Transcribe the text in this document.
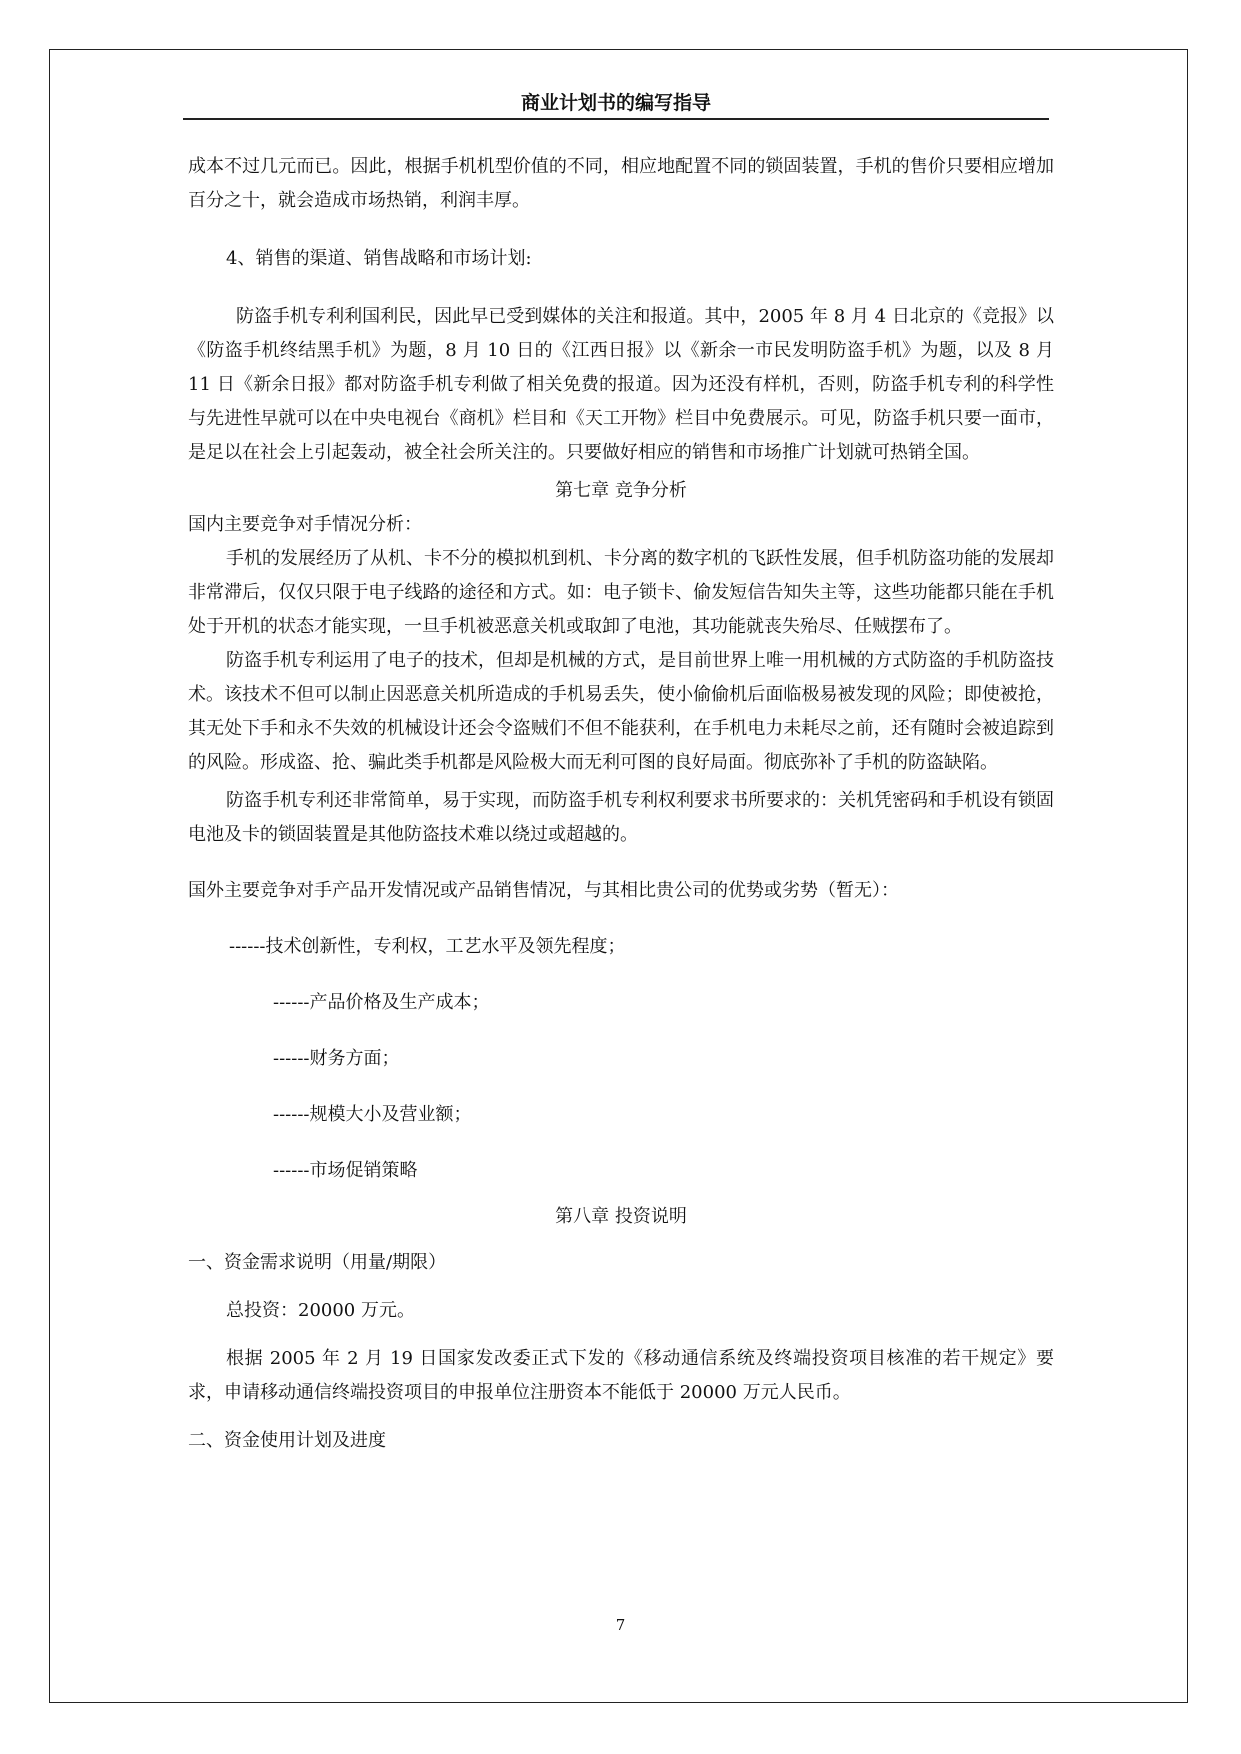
商业计划书的编写指导

成本不过几元而已。因此，根据手机机型价值的不同，相应地配置不同的锁固装置，手机的售价只要相应增加百分之十，就会造成市场热销，利润丰厚。

4、销售的渠道、销售战略和市场计划:

防盗手机专利利国利民，因此早已受到媒体的关注和报道。其中，2005 年 8 月 4 日北京的《竞报》以《防盗手机终结黑手机》为题，8 月 10 日的《江西日报》以《新余一市民发明防盗手机》为题，以及 8 月 11 日《新余日报》都对防盗手机专利做了相关免费的报道。因为还没有样机，否则，防盗手机专利的科学性与先进性早就可以在中央电视台《商机》栏目和《天工开物》栏目中免费展示。可见，防盗手机只要一面市，是足以在社会上引起轰动，被全社会所关注的。只要做好相应的销售和市场推广计划就可热销全国。

第七章 竞争分析

国内主要竞争对手情况分析：

手机的发展经历了从机、卡不分的模拟机到机、卡分离的数字机的飞跃性发展，但手机防盗功能的发展却非常滞后，仅仅只限于电子线路的途径和方式。如：电子锁卡、偷发短信告知失主等，这些功能都只能在手机处于开机的状态才能实现，一旦手机被恶意关机或取卸了电池，其功能就丧失殆尽、任贼摆布了。

防盗手机专利运用了电子的技术，但却是机械的方式，是目前世界上唯一用机械的方式防盗的手机防盗技术。该技术不但可以制止因恶意关机所造成的手机易丢失，使小偷偷机后面临极易被发现的风险；即使被抢，其无处下手和永不失效的机械设计还会令盗贼们不但不能获利，在手机电力未耗尽之前，还有随时会被追踪到的风险。形成盗、抢、骗此类手机都是风险极大而无利可图的良好局面。彻底弥补了手机的防盗缺陷。

防盗手机专利还非常简单，易于实现，而防盗手机专利权利要求书所要求的：关机凭密码和手机设有锁固电池及卡的锁固装置是其他防盗技术难以绕过或超越的。

国外主要竞争对手产品开发情况或产品销售情况，与其相比贵公司的优势或劣势（暂无）：

------技术创新性，专利权，工艺水平及领先程度；

------产品价格及生产成本；

------财务方面；

------规模大小及营业额；

------市场促销策略

第八章 投资说明

一、资金需求说明（用量/期限）

总投资：20000 万元。

根据 2005 年 2 月 19 日国家发改委正式下发的《移动通信系统及终端投资项目核准的若干规定》要求，申请移动通信终端投资项目的申报单位注册资本不能低于 20000 万元人民币。

二、资金使用计划及进度

7
